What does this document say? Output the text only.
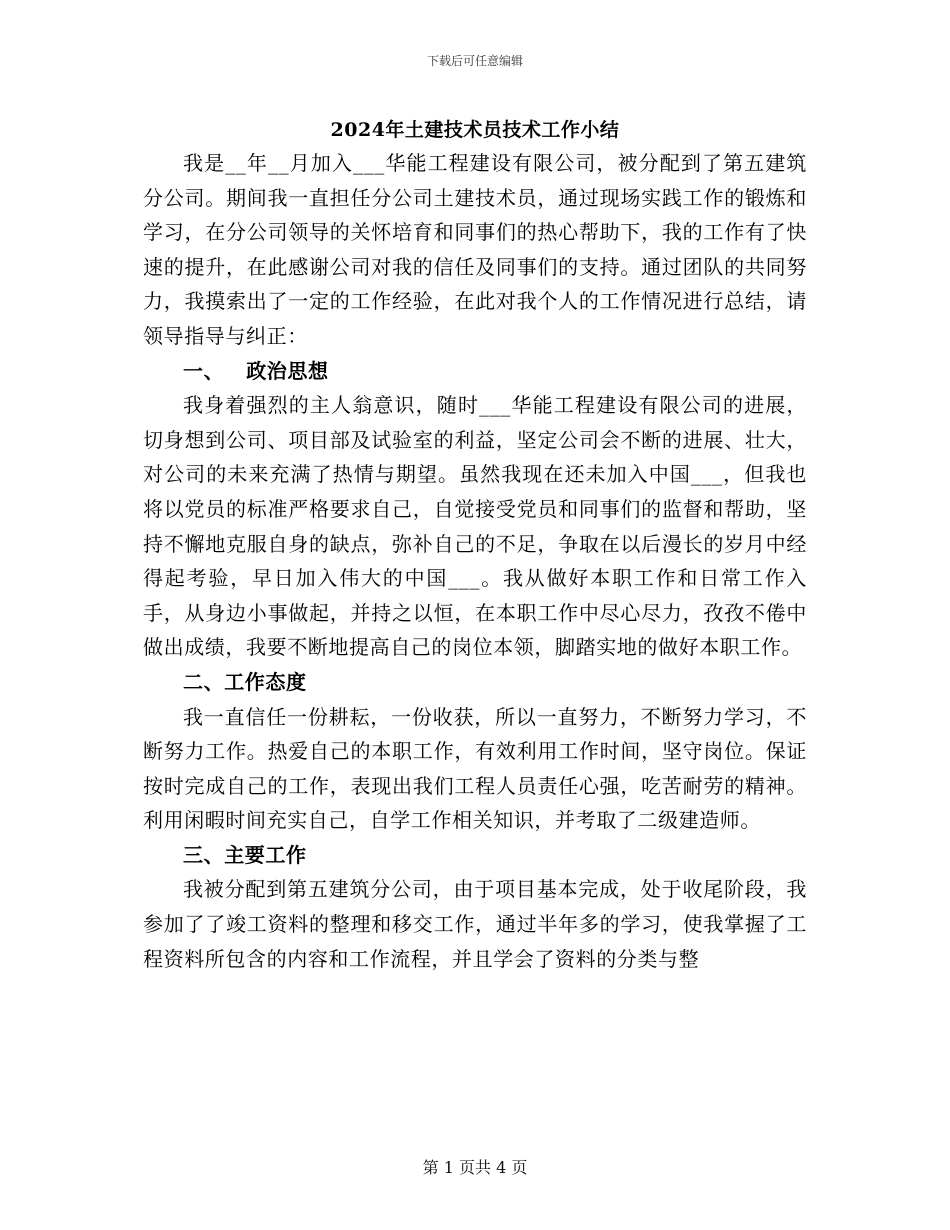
下载后可任意编辑
2024年土建技术员技术工作小结

我是__年__月加入___华能工程建设有限公司，被分配到了第五建筑分公司。期间我一直担任分公司土建技术员，通过现场实践工作的锻炼和学习，在分公司领导的关怀培育和同事们的热心帮助下，我的工作有了快速的提升，在此感谢公司对我的信任及同事们的支持。通过团队的共同努力，我摸索出了一定的工作经验，在此对我个人的工作情况进行总结，请领导指导与纠正：

一、 政治思想

我身着强烈的主人翁意识，随时___华能工程建设有限公司的进展，切身想到公司、项目部及试验室的利益，坚定公司会不断的进展、壮大，对公司的未来充满了热情与期望。虽然我现在还未加入中国___，但我也将以党员的标准严格要求自己，自觉接受党员和同事们的监督和帮助，坚持不懈地克服自身的缺点，弥补自己的不足，争取在以后漫长的岁月中经得起考验，早日加入伟大的中国___。我从做好本职工作和日常工作入手，从身边小事做起，并持之以恒，在本职工作中尽心尽力，孜孜不倦中做出成绩，我要不断地提高自己的岗位本领，脚踏实地的做好本职工作。

二、工作态度

我一直信任一份耕耘，一份收获，所以一直努力，不断努力学习，不断努力工作。热爱自己的本职工作，有效利用工作时间，坚守岗位。保证按时完成自己的工作，表现出我们工程人员责任心强，吃苦耐劳的精神。利用闲暇时间充实自己，自学工作相关知识，并考取了二级建造师。

三、主要工作

我被分配到第五建筑分公司，由于项目基本完成，处于收尾阶段，我参加了了竣工资料的整理和移交工作，通过半年多的学习，使我掌握了工程资料所包含的内容和工作流程，并且学会了资料的分类与整

第 1 页共 4 页
